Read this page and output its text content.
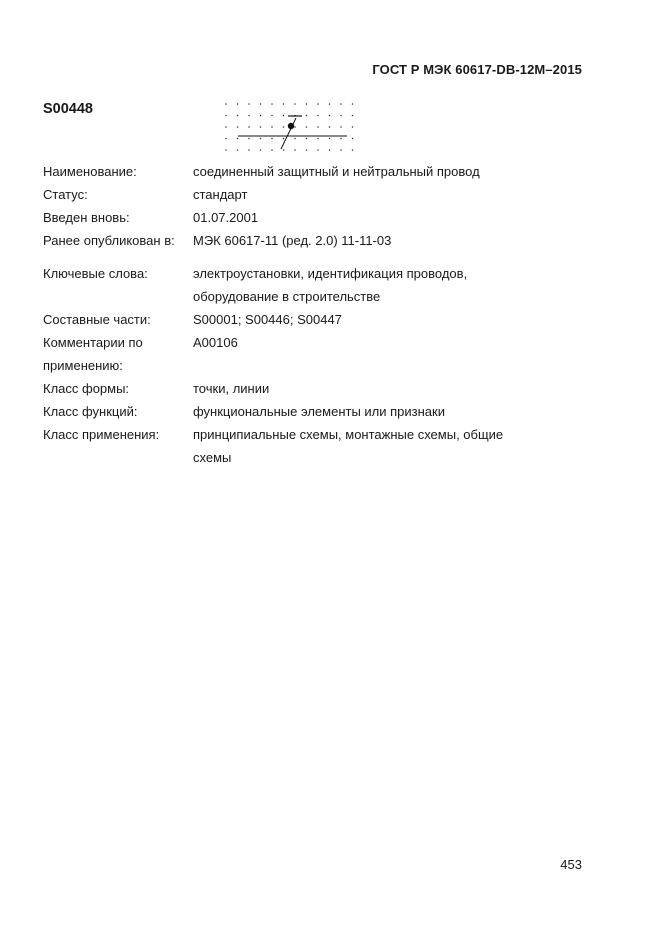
ГОСТ Р МЭК 60617-DB-12M–2015
S00448
Наименование:	соединенный защитный и нейтральный провод
Статус:	стандарт
Введен вновь:	01.07.2001
Ранее опубликован в:	МЭК 60617-11 (ред. 2.0) 11-11-03
Ключевые слова:	электроустановки, идентификация проводов, оборудование в строительстве
Составные части:	S00001; S00446; S00447
Комментарии по применению:
A00106
Класс формы:	точки, линии
Класс функций:	функциональные элементы или признаки
Класс применения:	принципиальные схемы, монтажные схемы, общие схемы
453
